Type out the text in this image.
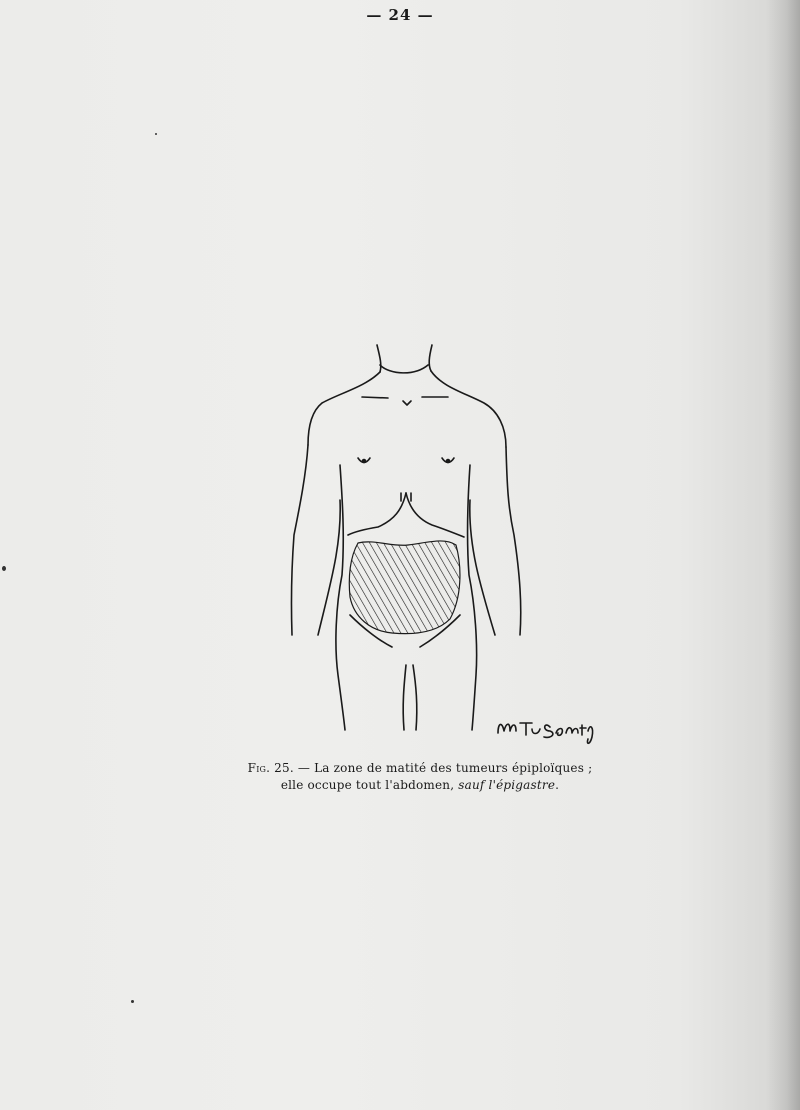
— 24 —
Fig. 25. — La zone de matité des tumeurs épiploïques ;
elle occupe tout l'abdomen, sauf l'épigastre.
